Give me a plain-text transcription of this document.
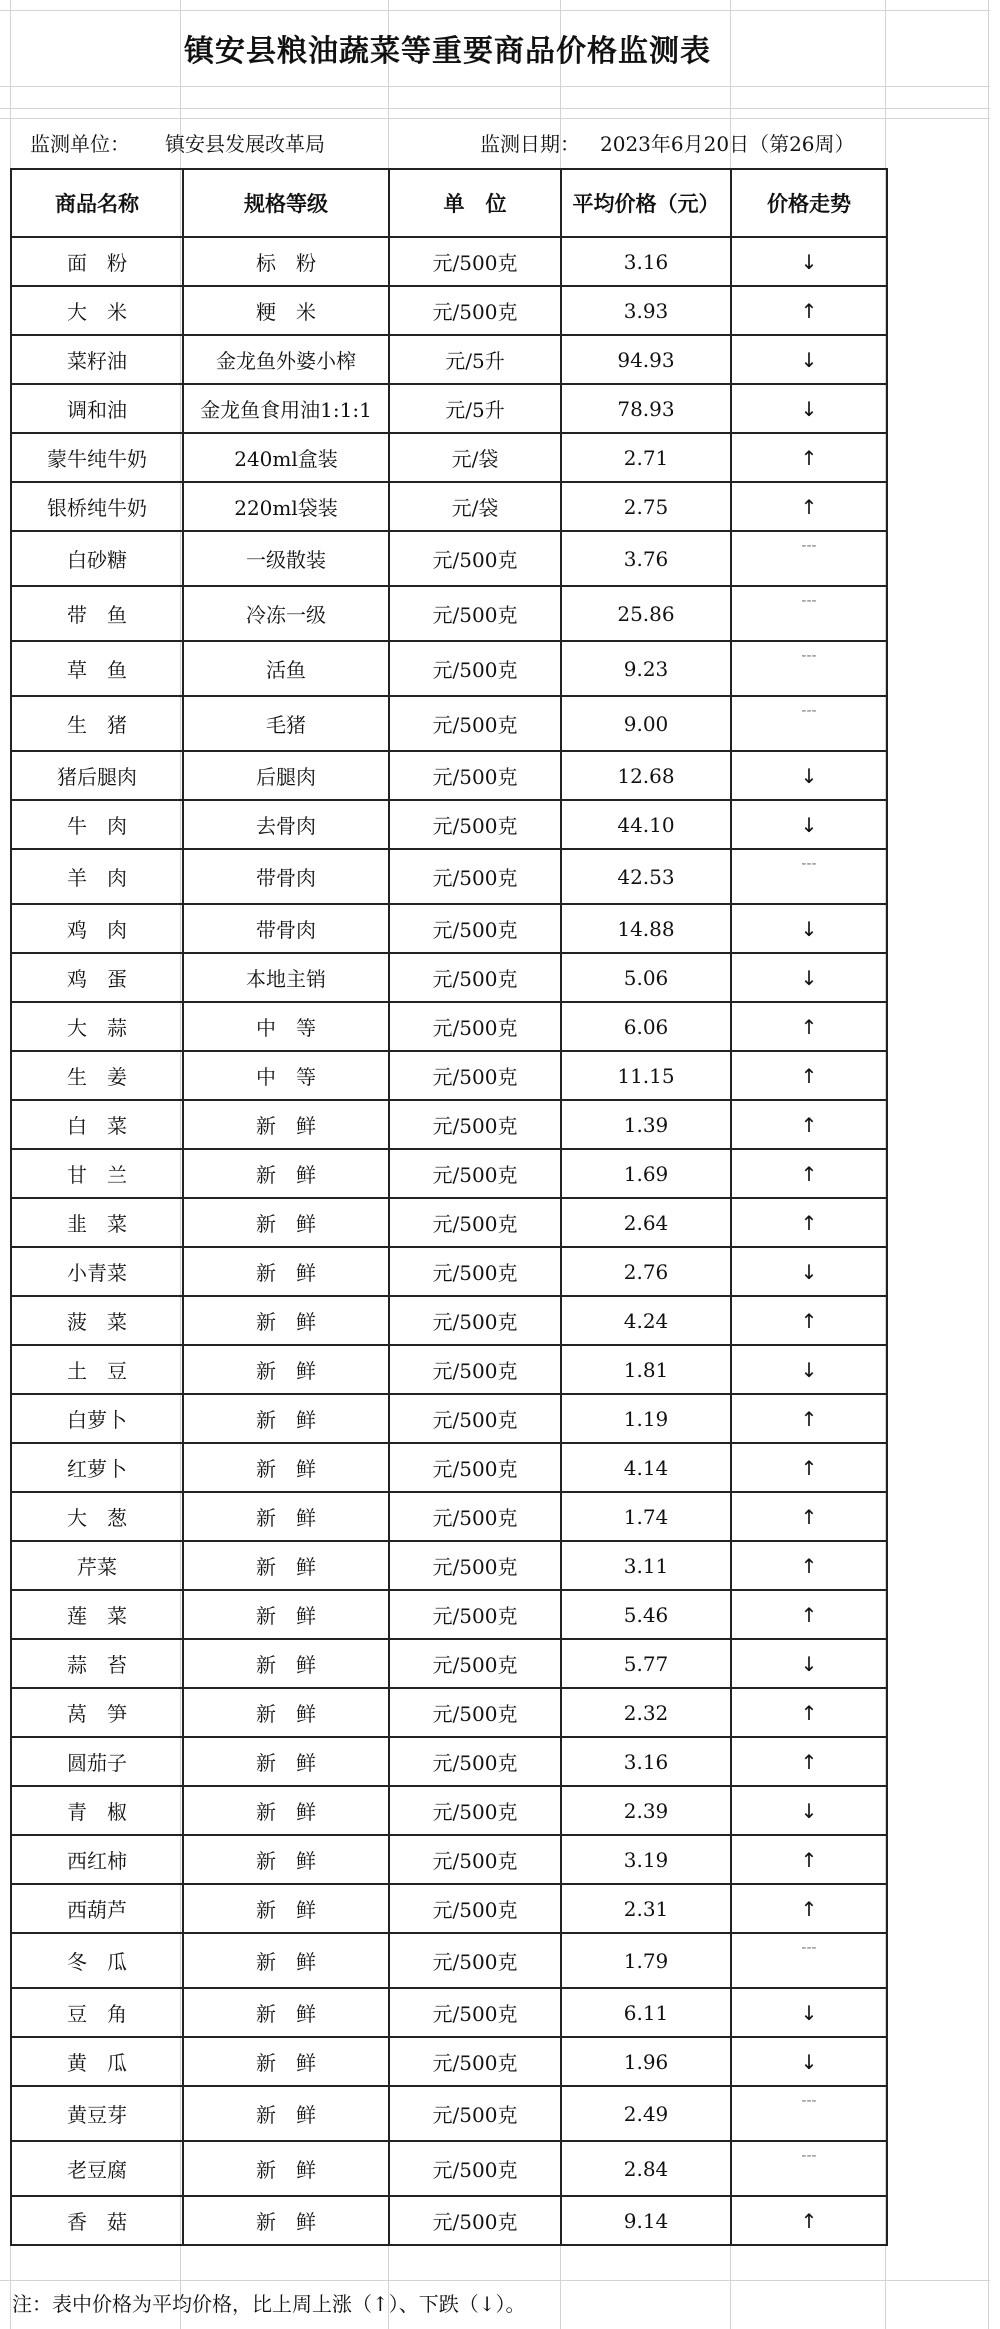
镇安县粮油蔬菜等重要商品价格监测表
监测单位： 镇安县发展改革局	监测日期： 2023年6月20日（第26周）
商品名称	规格等级	单　位	平均价格（元）	价格走势
面　粉	标　粉	元/500克	3.16	↓
大　米	粳　米	元/500克	3.93	↑
菜籽油	金龙鱼外婆小榨	元/5升	94.93	↓
调和油	金龙鱼食用油1:1:1	元/5升	78.93	↓
蒙牛纯牛奶	240ml盒装	元/袋	2.71	↑
银桥纯牛奶	220ml袋装	元/袋	2.75	↑
白砂糖	一级散装	元/500克	3.76	---
带　鱼	冷冻一级	元/500克	25.86	---
草　鱼	活鱼	元/500克	9.23	---
生　猪	毛猪	元/500克	9.00	---
猪后腿肉	后腿肉	元/500克	12.68	↓
牛　肉	去骨肉	元/500克	44.10	↓
羊　肉	带骨肉	元/500克	42.53	---
鸡　肉	带骨肉	元/500克	14.88	↓
鸡　蛋	本地主销	元/500克	5.06	↓
大　蒜	中　等	元/500克	6.06	↑
生　姜	中　等	元/500克	11.15	↑
白　菜	新　鲜	元/500克	1.39	↑
甘　兰	新　鲜	元/500克	1.69	↑
韭　菜	新　鲜	元/500克	2.64	↑
小青菜	新　鲜	元/500克	2.76	↓
菠　菜	新　鲜	元/500克	4.24	↑
土　豆	新　鲜	元/500克	1.81	↓
白萝卜	新　鲜	元/500克	1.19	↑
红萝卜	新　鲜	元/500克	4.14	↑
大　葱	新　鲜	元/500克	1.74	↑
芹菜	新　鲜	元/500克	3.11	↑
莲　菜	新　鲜	元/500克	5.46	↑
蒜　苔	新　鲜	元/500克	5.77	↓
莴　笋	新　鲜	元/500克	2.32	↑
圆茄子	新　鲜	元/500克	3.16	↑
青　椒	新　鲜	元/500克	2.39	↓
西红柿	新　鲜	元/500克	3.19	↑
西葫芦	新　鲜	元/500克	2.31	↑
冬　瓜	新　鲜	元/500克	1.79	---
豆　角	新　鲜	元/500克	6.11	↓
黄　瓜	新　鲜	元/500克	1.96	↓
黄豆芽	新　鲜	元/500克	2.49	---
老豆腐	新　鲜	元/500克	2.84	---
香　菇	新　鲜	元/500克	9.14	↑
注：表中价格为平均价格，比上周上涨（↑）、下跌（↓）。
